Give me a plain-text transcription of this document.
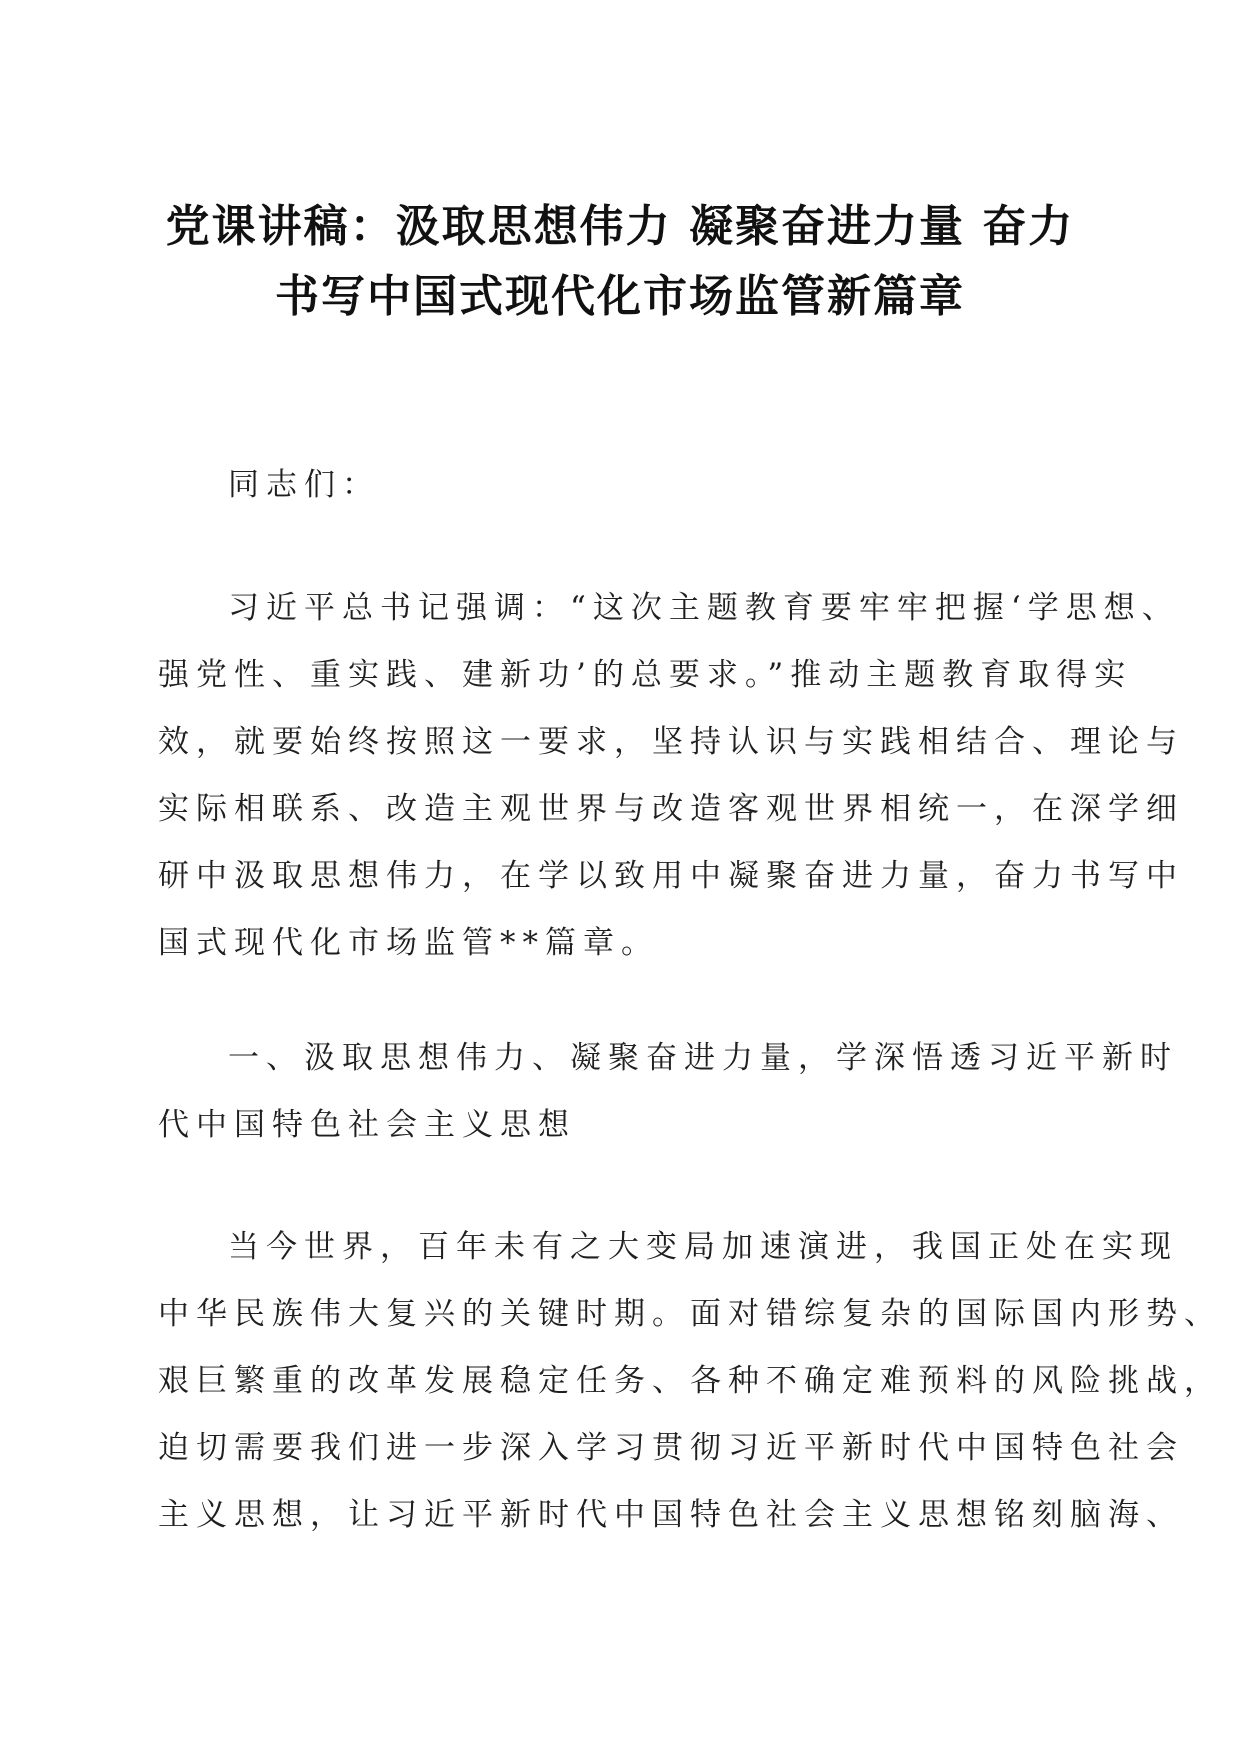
党课讲稿：汲取思想伟力 凝聚奋进力量 奋力
书写中国式现代化市场监管新篇章
同志们：
习近平总书记强调：“这次主题教育要牢牢把握‘学思想、
强党性、重实践、建新功’的总要求。”推动主题教育取得实
效，就要始终按照这一要求，坚持认识与实践相结合、理论与
实际相联系、改造主观世界与改造客观世界相统一，在深学细
研中汲取思想伟力，在学以致用中凝聚奋进力量，奋力书写中
国式现代化市场监管**篇章。
一、汲取思想伟力、凝聚奋进力量，学深悟透习近平新时
代中国特色社会主义思想
当今世界，百年未有之大变局加速演进，我国正处在实现
中华民族伟大复兴的关键时期。面对错综复杂的国际国内形势、
艰巨繁重的改革发展稳定任务、各种不确定难预料的风险挑战，
迫切需要我们进一步深入学习贯彻习近平新时代中国特色社会
主义思想，让习近平新时代中国特色社会主义思想铭刻脑海、
